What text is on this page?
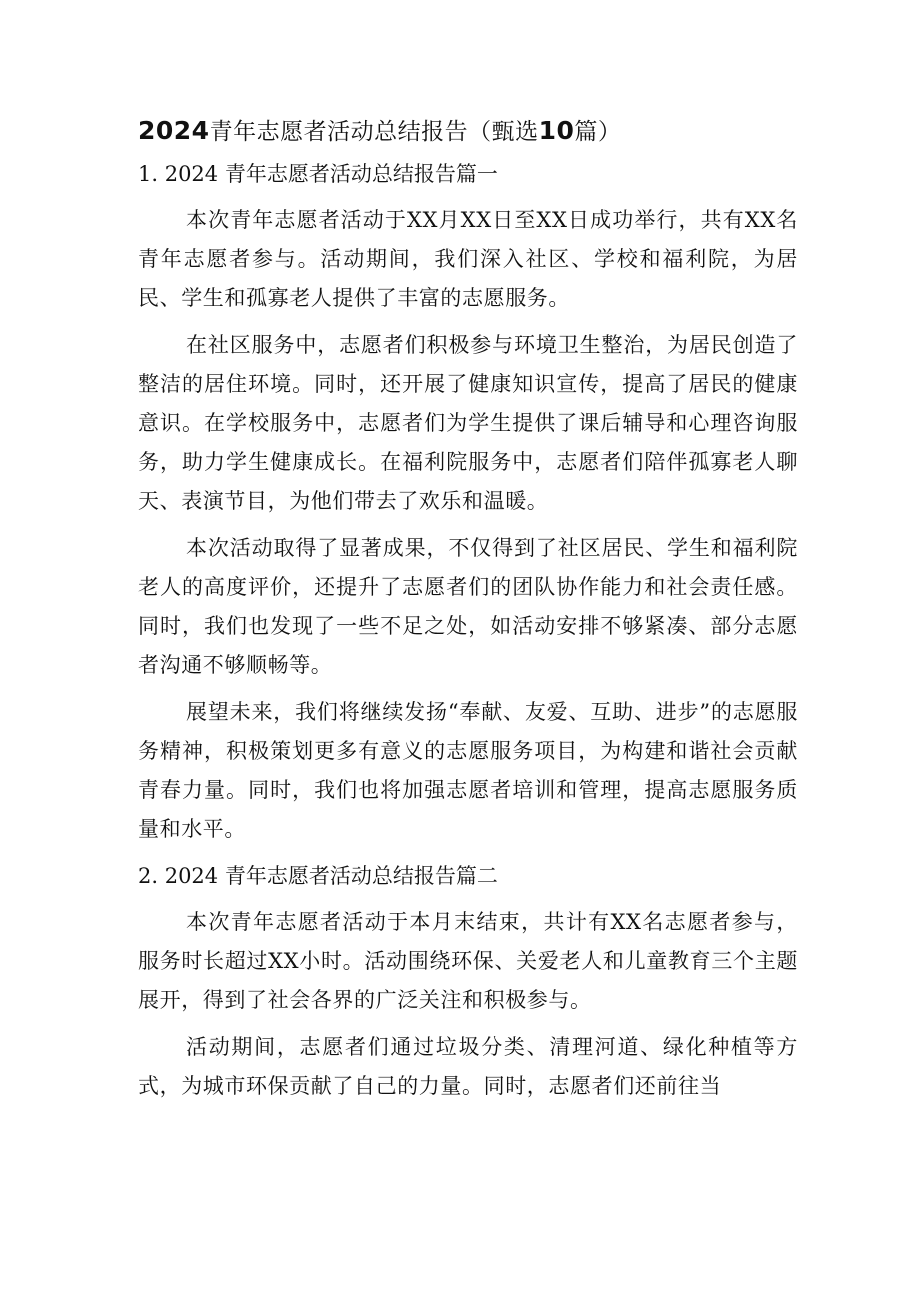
2024青年志愿者活动总结报告（甄选10篇）
1. 2024 青年志愿者活动总结报告篇一

本次青年志愿者活动于XX月XX日至XX日成功举行，共有XX名青年志愿者参与。活动期间，我们深入社区、学校和福利院，为居民、学生和孤寡老人提供了丰富的志愿服务。

在社区服务中，志愿者们积极参与环境卫生整治，为居民创造了整洁的居住环境。同时，还开展了健康知识宣传，提高了居民的健康意识。在学校服务中，志愿者们为学生提供了课后辅导和心理咨询服务，助力学生健康成长。在福利院服务中，志愿者们陪伴孤寡老人聊天、表演节目，为他们带去了欢乐和温暖。

本次活动取得了显著成果，不仅得到了社区居民、学生和福利院老人的高度评价，还提升了志愿者们的团队协作能力和社会责任感。同时，我们也发现了一些不足之处，如活动安排不够紧凑、部分志愿者沟通不够顺畅等。

展望未来，我们将继续发扬“奉献、友爱、互助、进步”的志愿服务精神，积极策划更多有意义的志愿服务项目，为构建和谐社会贡献青春力量。同时，我们也将加强志愿者培训和管理，提高志愿服务质量和水平。

2. 2024 青年志愿者活动总结报告篇二

本次青年志愿者活动于本月末结束，共计有XX名志愿者参与，服务时长超过XX小时。活动围绕环保、关爱老人和儿童教育三个主题展开，得到了社会各界的广泛关注和积极参与。

活动期间，志愿者们通过垃圾分类、清理河道、绿化种植等方式，为城市环保贡献了自己的力量。同时，志愿者们还前往当
